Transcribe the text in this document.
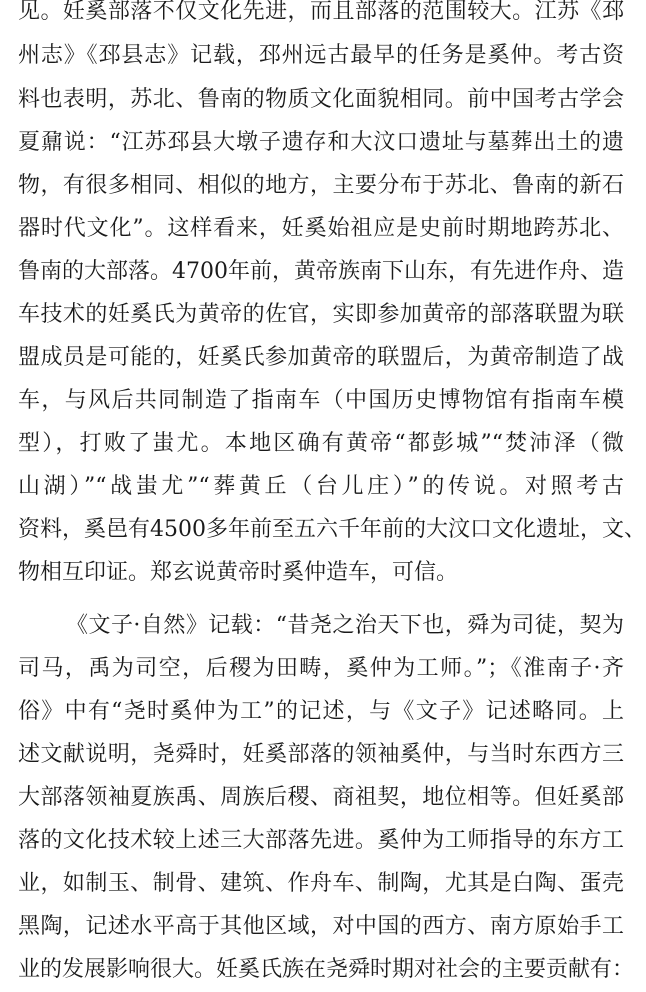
见。妊奚部落不仅文化先进，而且部落的范围较大。江苏《邳
州志》《邳县志》记载，邳州远古最早的任务是奚仲。考古资
料也表明，苏北、鲁南的物质文化面貌相同。前中国考古学会
夏鼐说：“江苏邳县大墩子遗存和大汶口遗址与墓葬出土的遗
物，有很多相同、相似的地方，主要分布于苏北、鲁南的新石
器时代文化”。这样看来，妊奚始祖应是史前时期地跨苏北、
鲁南的大部落。4700年前，黄帝族南下山东，有先进作舟、造
车技术的妊奚氏为黄帝的佐官，实即参加黄帝的部落联盟为联
盟成员是可能的，妊奚氏参加黄帝的联盟后，为黄帝制造了战
车，与风后共同制造了指南车（中国历史博物馆有指南车模
型），打败了蚩尤。本地区确有黄帝“都彭城”“焚沛泽（微
山湖）”“战蚩尤”“葬黄丘（台儿庄）”的传说。对照考古
资料，奚邑有4500多年前至五六千年前的大汶口文化遗址，文、
物相互印证。郑玄说黄帝时奚仲造车，可信。
《文子·自然》记载：“昔尧之治天下也，舜为司徒，契为
司马，禹为司空，后稷为田畴，奚仲为工师。”；《淮南子·齐
俗》中有“尧时奚仲为工”的记述，与《文子》记述略同。上
述文献说明，尧舜时，妊奚部落的领袖奚仲，与当时东西方三
大部落领袖夏族禹、周族后稷、商祖契，地位相等。但妊奚部
落的文化技术较上述三大部落先进。奚仲为工师指导的东方工
业，如制玉、制骨、建筑、作舟车、制陶，尤其是白陶、蛋壳
黑陶，记述水平高于其他区域，对中国的西方、南方原始手工
业的发展影响很大。妊奚氏族在尧舜时期对社会的主要贡献有：
